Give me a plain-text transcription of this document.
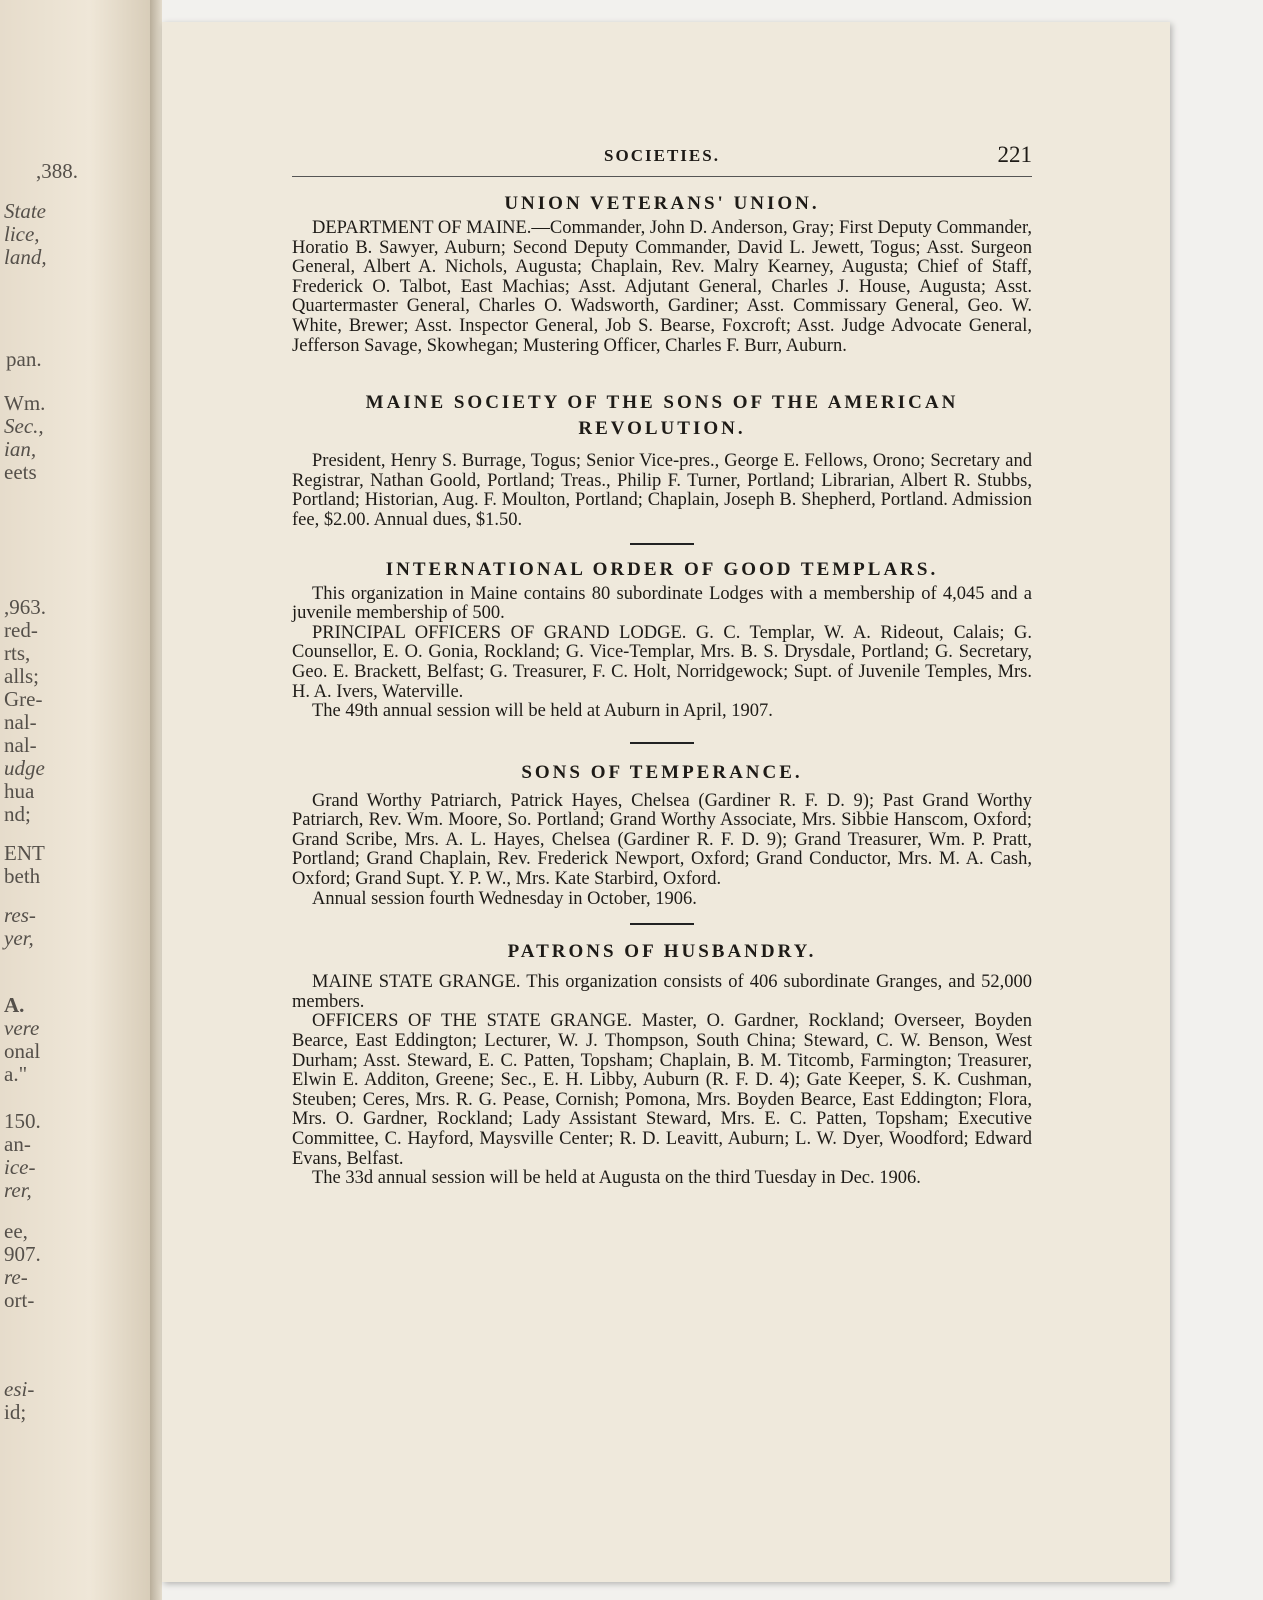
,388.
State
lice,
land,
pan.
Wm.
Sec.,
ian,
eets
,963.
red-
rts,
alls;
Gre-
nal-
nal-
udge
hua
nd;
ENT
beth
res-
yer,
A.
vere
onal
a."
150.
an-
ice-
rer,
ee,
907.
re-
ort-
esi-
id;
SOCIETIES.	221
UNION VETERANS' UNION.

DEPARTMENT OF MAINE.—Commander, John D. Anderson, Gray; First Deputy Commander, Horatio B. Sawyer, Auburn; Second Deputy Commander, David L. Jewett, Togus; Asst. Surgeon General, Albert A. Nichols, Augusta; Chaplain, Rev. Malry Kearney, Augusta; Chief of Staff, Frederick O. Talbot, East Machias; Asst. Adjutant General, Charles J. House, Augusta; Asst. Quartermaster General, Charles O. Wadsworth, Gardiner; Asst. Commissary General, Geo. W. White, Brewer; Asst. Inspector General, Job S. Bearse, Foxcroft; Asst. Judge Advocate General, Jefferson Savage, Skowhegan; Mustering Officer, Charles F. Burr, Auburn.

MAINE SOCIETY OF THE SONS OF THE AMERICAN REVOLUTION.

President, Henry S. Burrage, Togus; Senior Vice-pres., George E. Fellows, Orono; Secretary and Registrar, Nathan Goold, Portland; Treas., Philip F. Turner, Portland; Librarian, Albert R. Stubbs, Portland; Historian, Aug. F. Moulton, Portland; Chaplain, Joseph B. Shepherd, Portland. Admission fee, $2.00. Annual dues, $1.50.

INTERNATIONAL ORDER OF GOOD TEMPLARS.

This organization in Maine contains 80 subordinate Lodges with a membership of 4,045 and a juvenile membership of 500.

PRINCIPAL OFFICERS OF GRAND LODGE. G. C. Templar, W. A. Rideout, Calais; G. Counsellor, E. O. Gonia, Rockland; G. Vice-Templar, Mrs. B. S. Drysdale, Portland; G. Secretary, Geo. E. Brackett, Belfast; G. Treasurer, F. C. Holt, Norridgewock; Supt. of Juvenile Temples, Mrs. H. A. Ivers, Waterville.

The 49th annual session will be held at Auburn in April, 1907.

SONS OF TEMPERANCE.

Grand Worthy Patriarch, Patrick Hayes, Chelsea (Gardiner R. F. D. 9); Past Grand Worthy Patriarch, Rev. Wm. Moore, So. Portland; Grand Worthy Associate, Mrs. Sibbie Hanscom, Oxford; Grand Scribe, Mrs. A. L. Hayes, Chelsea (Gardiner R. F. D. 9); Grand Treasurer, Wm. P. Pratt, Portland; Grand Chaplain, Rev. Frederick Newport, Oxford; Grand Conductor, Mrs. M. A. Cash, Oxford; Grand Supt. Y. P. W., Mrs. Kate Starbird, Oxford.

Annual session fourth Wednesday in October, 1906.

PATRONS OF HUSBANDRY.

MAINE STATE GRANGE. This organization consists of 406 subordinate Granges, and 52,000 members.

OFFICERS OF THE STATE GRANGE. Master, O. Gardner, Rockland; Overseer, Boyden Bearce, East Eddington; Lecturer, W. J. Thompson, South China; Steward, C. W. Benson, West Durham; Asst. Steward, E. C. Patten, Topsham; Chaplain, B. M. Titcomb, Farmington; Treasurer, Elwin E. Additon, Greene; Sec., E. H. Libby, Auburn (R. F. D. 4); Gate Keeper, S. K. Cushman, Steuben; Ceres, Mrs. R. G. Pease, Cornish; Pomona, Mrs. Boyden Bearce, East Eddington; Flora, Mrs. O. Gardner, Rockland; Lady Assistant Steward, Mrs. E. C. Patten, Topsham; Executive Committee, C. Hayford, Maysville Center; R. D. Leavitt, Auburn; L. W. Dyer, Woodford; Edward Evans, Belfast.

The 33d annual session will be held at Augusta on the third Tuesday in Dec. 1906.
